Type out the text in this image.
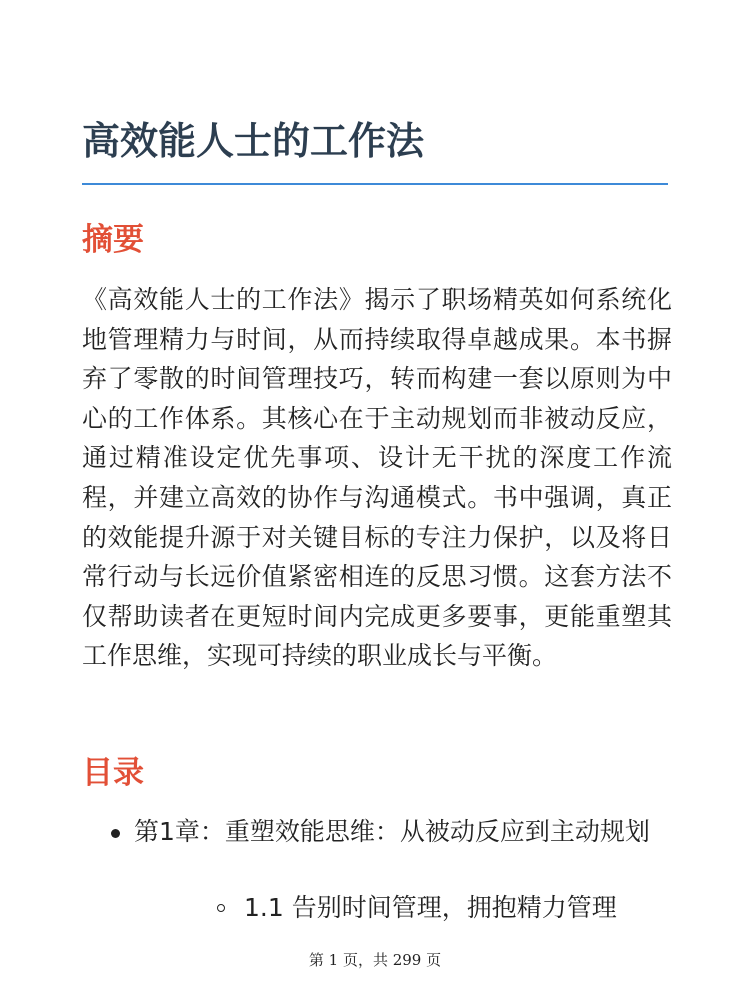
高效能人士的工作法
摘要

《高效能人士的工作法》揭示了职场精英如何系统化地管理精力与时间，从而持续取得卓越成果。本书摒弃了零散的时间管理技巧，转而构建一套以原则为中心的工作体系。其核心在于主动规划而非被动反应，通过精准设定优先事项、设计无干扰的深度工作流程，并建立高效的协作与沟通模式。书中强调，真正的效能提升源于对关键目标的专注力保护，以及将日常行动与长远价值紧密相连的反思习惯。这套方法不仅帮助读者在更短时间内完成更多要事，更能重塑其工作思维，实现可持续的职业成长与平衡。

目录
第1章：重塑效能思维：从被动反应到主动规划
1.1 告别时间管理，拥抱精力管理
第 1 页，共 299 页
